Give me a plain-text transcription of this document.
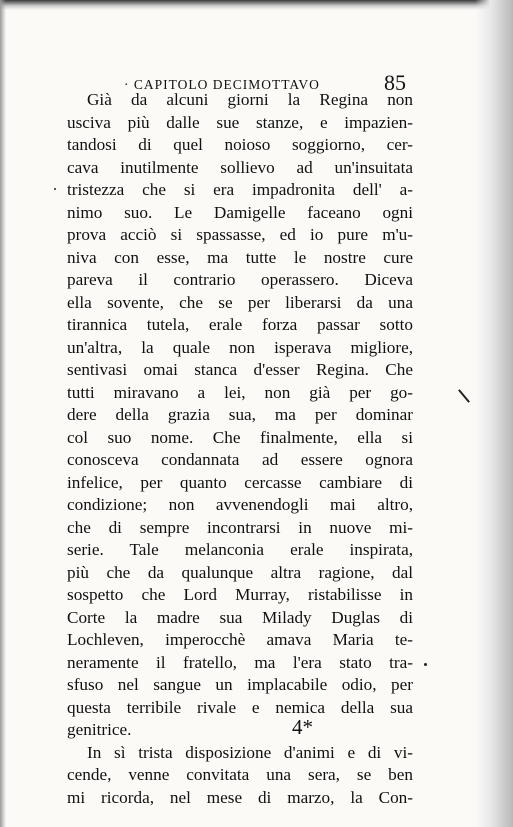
· CAPITOLO DECIMOTTAVO	85
Già da alcuni giorni la Regina non
usciva più dalle sue stanze, e impazien-
tandosi di quel noioso soggiorno, cer-
cava inutilmente sollievo ad un'insuitata
tristezza che si era impadronita dell' a-
nimo suo. Le Damigelle faceano ogni
prova acciò si spassasse, ed io pure m'u-
niva con esse, ma tutte le nostre cure
pareva il contrario operassero. Diceva
ella sovente, che se per liberarsi da una
tirannica tutela, erale forza passar sotto
un'altra, la quale non isperava migliore,
sentivasi omai stanca d'esser Regina. Che
tutti miravano a lei, non già per go-
dere della grazia sua, ma per dominar
col suo nome. Che finalmente, ella si
conosceva condannata ad essere ognora
infelice, per quanto cercasse cambiare di
condizione; non avvenendogli mai altro,
che di sempre incontrarsi in nuove mi-
serie. Tale melanconia erale inspirata,
più che da qualunque altra ragione, dal
sospetto che Lord Murray, ristabilisse in
Corte la madre sua Milady Duglas di
Lochleven, imperocchè amava Maria te-
neramente il fratello, ma l'era stato tra-
sfuso nel sangue un implacabile odio, per
questa terribile rivale e nemica della sua
genitrice.
In sì trista disposizione d'animi e di vi-
cende, venne convitata una sera, se ben
mi ricorda, nel mese di marzo, la Con-
4*
